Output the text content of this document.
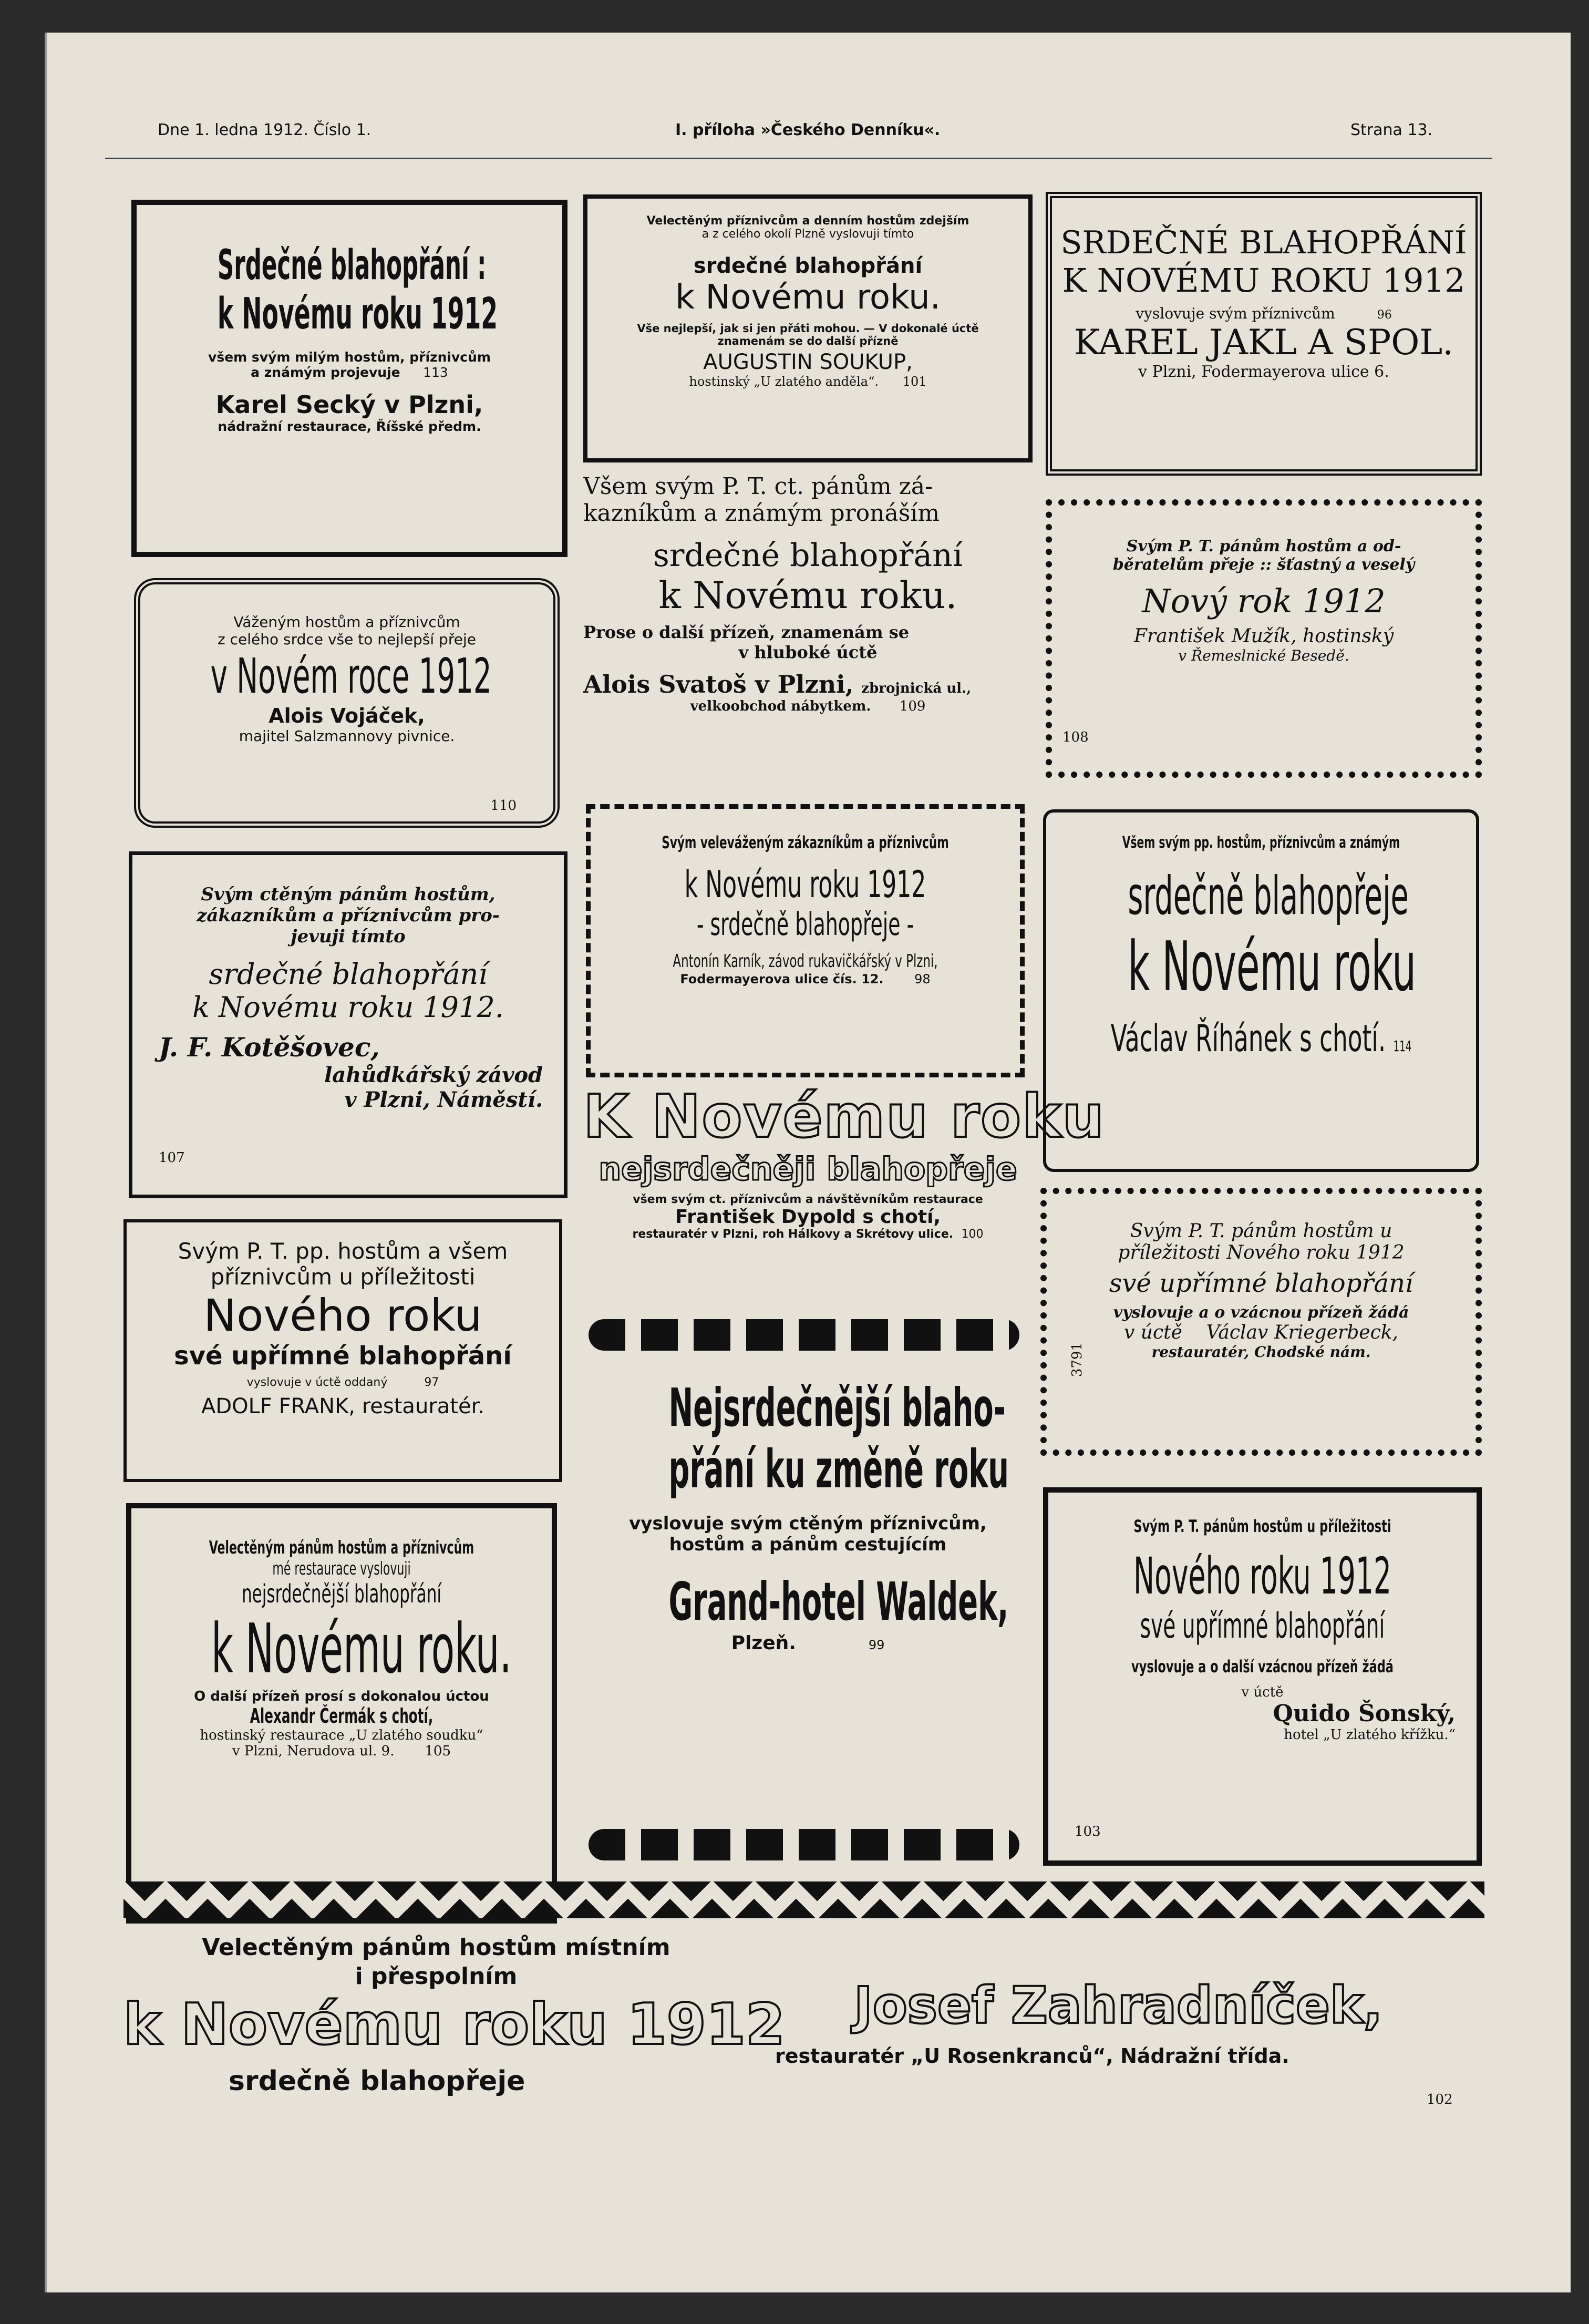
Dne 1. ledna 1912. Číslo 1.	I. příloha »Českého Denníku«.	Strana 13.
Srdečné blahopřání :
k Novému roku 1912
všem svým milým hostům, příznivcům
a známým projevuje 113
Karel Secký v Plzni,
nádražní restaurace, Říšské předm.
Váženým hostům a příznivcům
z celého srdce vše to nejlepší přeje
v Novém roce 1912
Alois Vojáček,
majitel Salzmannovy pivnice.
110
Svým ctěným pánům hostům,
zákazníkům a příznivcům pro-
jevuji tímto
srdečné blahopřání
k Novému roku 1912.
J. F. Kotěšovec,
lahůdkářský závod
v Plzni, Náměstí.
107
Svým P. T. pp. hostům a všem
příznivcům u příležitosti
Nového roku
své upřímné blahopřání
vyslovuje v úctě oddaný	97
ADOLF FRANK, restauratér.
Velectěným pánům hostům a příznivcům
mé restaurace vyslovuji
nejsrdečnější blahopřání
k Novému roku.
O další přízeň prosí s dokonalou úctou
Alexandr Čermák s chotí,
hostinský restaurace „U zlatého soudku“
v Plzni, Nerudova ul. 9. 105
Velectěným příznivcům a denním hostům zdejším
a z celého okolí Plzně vyslovuji tímto
srdečné blahopřání
k Novému roku.
Vše nejlepší, jak si jen přáti mohou. — V dokonalé úctě znamenám se do další přízně
AUGUSTIN SOUKUP,
hostinský „U zlatého anděla“. 101
Všem svým P. T. ct. pánům zá-
kazníkům a známým pronáším
srdečné blahopřání
k Novému roku.
Prose o další přízeň, znamenám se
v hluboké úctě
Alois Svatoš v Plzni, zbrojnická ul.,
velkoobchod nábytkem. 109
Svým veleváženým zákazníkům a příznivcům
k Novému roku 1912
- srdečně blahopřeje -
Antonín Karník, závod rukavičkářský v Plzni,
Fodermayerova ulice čís. 12. 98
K Novému roku
nejsrdečněji blahopřeje
všem svým ct. příznivcům a návštěvníkům restaurace
František Dypold s chotí,
restauratér v Plzni, roh Hálkovy a Skrétovy ulice. 100
Nejsrdečnější blaho-
přání ku změně roku
vyslovuje svým ctěným příznivcům,
hostům a pánům cestujícím
Grand-hotel Waldek,
Plzeň.	99
SRDEČNÉ BLAHOPŘÁNÍ
K NOVÉMU ROKU 1912
vyslovuje svým příznivcům	96
KAREL JAKL A SPOL.
v Plzni, Fodermayerova ulice 6.
Svým P. T. pánům hostům a od-
běratelům přeje :: šťastný a veselý
Nový rok 1912
František Mužík, hostinský
v Řemeslnické Besedě.
108
Všem svým pp. hostům, příznivcům a známým
srdečně blahopřeje
k Novému roku
Václav Říhánek s chotí. 114
Svým P. T. pánům hostům u
příležitosti Nového roku 1912
své upřímné blahopřání
vyslovuje a o vzácnou přízeň žádá
v úctě Václav Kriegerbeck,
restauratér, Chodské nám.
3791
Svým P. T. pánům hostům u příležitosti
Nového roku 1912
své upřímné blahopřání
vyslovuje a o další vzácnou přízeň žádá
v úctě
Quido Šonský,
hotel „U zlatého křížku.“
103
Velectěným pánům hostům místním
i přespolním
k Novému roku 1912
srdečně blahopřeje
Josef Zahradníček,
restauratér „U Rosenkranců“, Nádražní třída.
102
